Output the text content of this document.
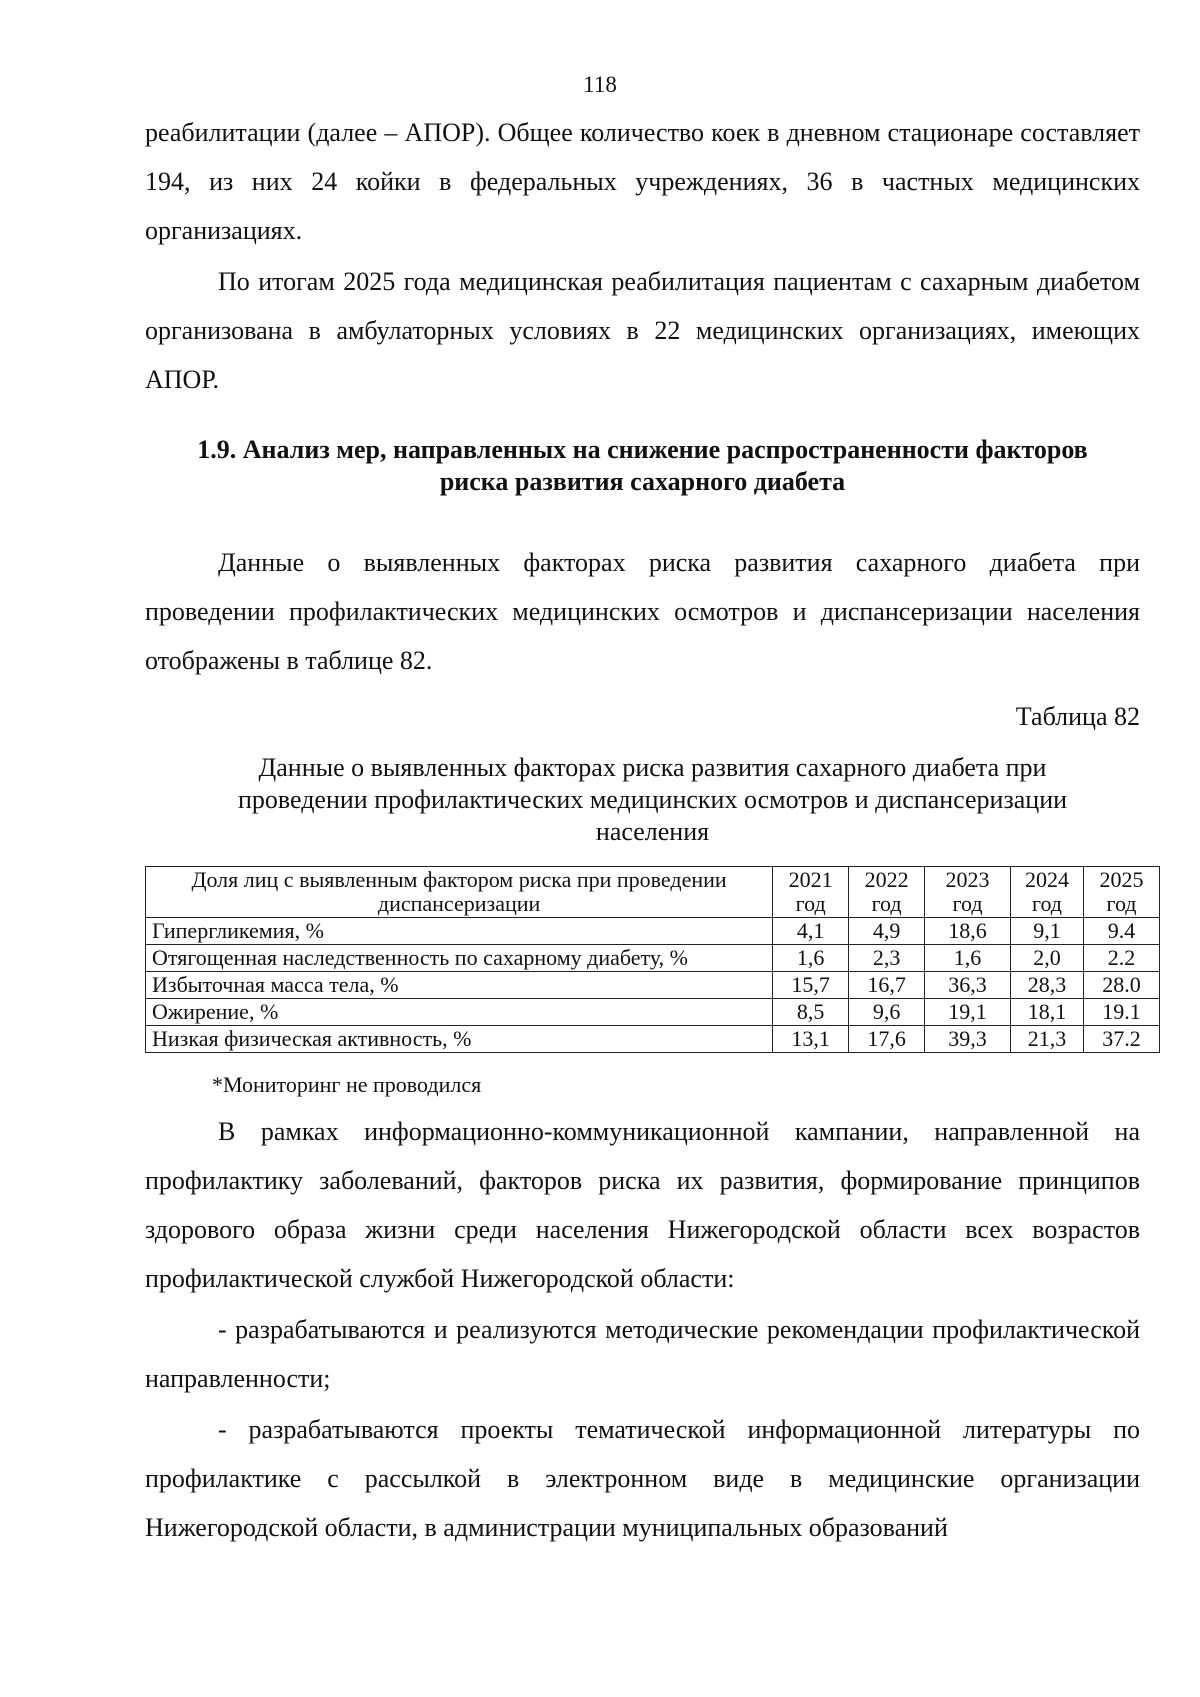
118

реабилитации (далее – АПОР). Общее количество коек в дневном стационаре составляет 194, из них 24 койки в федеральных учреждениях, 36 в частных медицинских организациях.

По итогам 2025 года медицинская реабилитация пациентам с сахарным диабетом организована в амбулаторных условиях в 22 медицинских организациях, имеющих АПОР.

1.9. Анализ мер, направленных на снижение распространенности факторов
риска развития сахарного диабета

Данные о выявленных факторах риска развития сахарного диабета при проведении профилактических медицинских осмотров и диспансеризации населения отображены в таблице 82.

Таблица 82
Данные о выявленных факторах риска развития сахарного диабета при
проведении профилактических медицинских осмотров и диспансеризации
населения
Доля лиц с выявленным фактором риска при проведении диспансеризации	2021 год	2022 год	2023 год	2024 год	2025 год
Гипергликемия, %	4,1	4,9	18,6	9,1	9.4
Отягощенная наследственность по сахарному диабету, %	1,6	2,3	1,6	2,0	2.2
Избыточная масса тела, %	15,7	16,7	36,3	28,3	28.0
Ожирение, %	8,5	9,6	19,1	18,1	19.1
Низкая физическая активность, %	13,1	17,6	39,3	21,3	37.2
*Мониторинг не проводился

В рамках информационно-коммуникационной кампании, направленной на профилактику заболеваний, факторов риска их развития, формирование принципов здорового образа жизни среди населения Нижегородской области всех возрастов профилактической службой Нижегородской области:

- разрабатываются и реализуются методические рекомендации профилактической направленности;

- разрабатываются проекты тематической информационной литературы по профилактике с рассылкой в электронном виде в медицинские организации Нижегородской области, в администрации муниципальных образований
